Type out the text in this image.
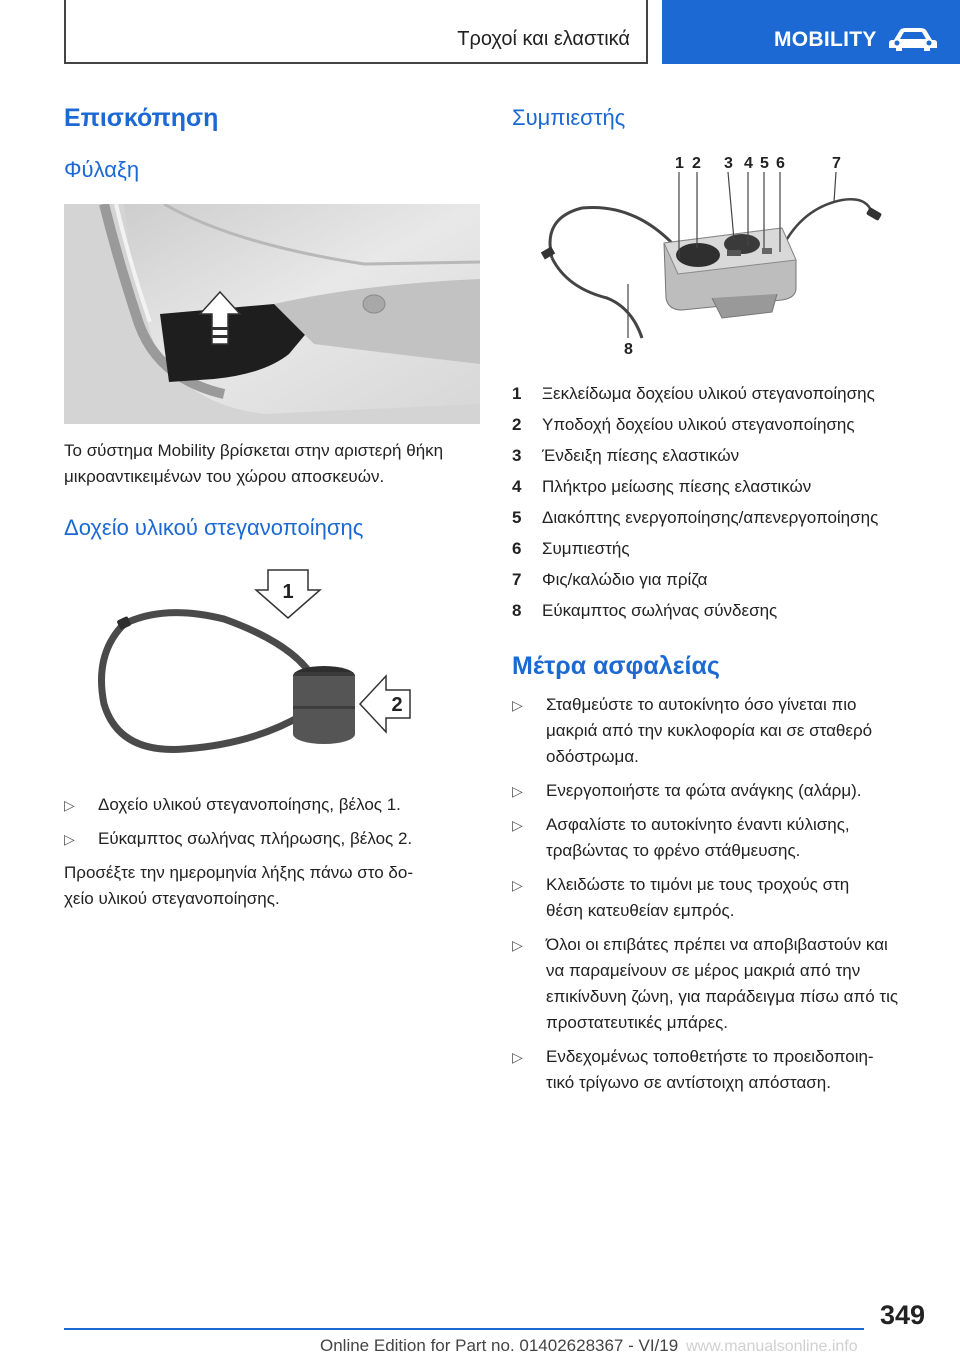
Τροχοί και ελαστικά	MOBILITY
Επισκόπηση
Φύλαξη

Το σύστημα Mobility βρίσκεται στην αριστερή θήκη μικροαντικειμένων του χώρου αποσκευών.

Δοχείο υλικού στεγανοποίησης
1
2
▷	Δοχείο υλικού στεγανοποίησης, βέλος 1.
▷	Εύκαμπτος σωλήνας πλήρωσης, βέλος 2.

Προσέξτε την ημερομηνία λήξης πάνω στο δο-
χείο υλικού στεγανοποίησης.

Συμπιεστής
1 2 3 4 5 6	7
8
1	Ξεκλείδωμα δοχείου υλικού στεγανοποίησης
2	Υποδοχή δοχείου υλικού στεγανοποίησης
3	Ένδειξη πίεσης ελαστικών
4	Πλήκτρο μείωσης πίεσης ελαστικών
5	Διακόπτης ενεργοποίησης/απενεργοποίησης
6	Συμπιεστής
7	Φις/καλώδιο για πρίζα
8	Εύκαμπτος σωλήνας σύνδεσης
Μέτρα ασφαλείας
▷	Σταθμεύστε το αυτοκίνητο όσο γίνεται πιο
μακριά από την κυκλοφορία και σε σταθερό
οδόστρωμα.
▷	Ενεργοποιήστε τα φώτα ανάγκης (αλάρμ).
▷	Ασφαλίστε το αυτοκίνητο έναντι κύλισης,
τραβώντας το φρένο στάθμευσης.
▷	Κλειδώστε το τιμόνι με τους τροχούς στη
θέση κατευθείαν εμπρός.
▷	Όλοι οι επιβάτες πρέπει να αποβιβαστούν και
να παραμείνουν σε μέρος μακριά από την
επικίνδυνη ζώνη, για παράδειγμα πίσω από τις
προστατευτικές μπάρες.
▷	Ενδεχομένως τοποθετήστε το προειδοποιη-
τικό τρίγωνο σε αντίστοιχη απόσταση.
349
Online Edition for Part no. 01402628367 - VI/19 www.manualsonline.info
